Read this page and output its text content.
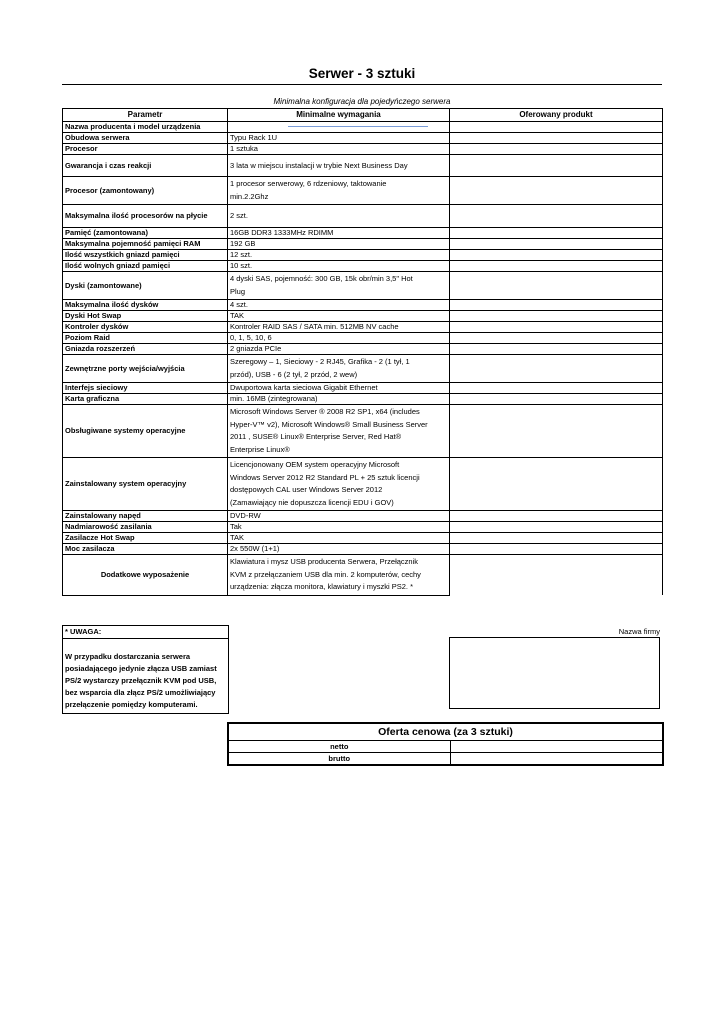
Serwer - 3 sztuki
Minimalna konfiguracja dla pojedyńczego serwera
Parametr	Minimalne wymagania	Oferowany produkt
Nazwa producenta i model urządzenia		
Obudowa serwera	Typu Rack 1U	
Procesor	1 sztuka	
Gwarancja i czas reakcji	3 lata w miejscu instalacji w trybie Next Business Day	
Procesor (zamontowany)	1 procesor serwerowy, 6 rdzeniowy, taktowanie
min.2.2Ghz	

Maksymalna ilość procesorów na płycie	2 szt.	
Pamięć (zamontowana)	16GB DDR3 1333MHz RDIMM	
Maksymalna pojemność pamięci RAM	192 GB	
Ilość wszystkich gniazd pamięci	12 szt.	
Ilość wolnych gniazd pamięci	10 szt.	
Dyski (zamontowane)	4 dyski SAS, pojemność: 300 GB, 15k obr/min 3,5" Hot
Plug	

Maksymalna ilość dysków	4 szt.	
Dyski Hot Swap	TAK	
Kontroler dysków	Kontroler RAID SAS / SATA min. 512MB NV cache	
Poziom Raid	0, 1, 5, 10, 6	
Gniazda rozszerzeń	2 gniazda PCIe	
Zewnętrzne porty wejścia/wyjścia	Szeregowy – 1, Sieciowy - 2 RJ45, Grafika - 2 (1 tył, 1
przód), USB - 6 (2 tył, 2 przód, 2 wew)	

Interfejs sieciowy	Dwuportowa karta sieciowa Gigabit Ethernet	
Karta graficzna	min. 16MB (zintegrowana)	
Obsługiwane systemy operacyjne	Microsoft Windows Server ® 2008 R2 SP1, x64 (includes
Hyper-V™ v2), Microsoft Windows® Small Business Server
2011 , SUSE® Linux® Enterprise Server, Red Hat®
Enterprise Linux®	

Zainstalowany system operacyjny	Licencjonowany OEM system operacyjny Microsoft
Windows Server 2012 R2 Standard PL + 25 sztuk licencji
dostępowych CAL user Windows Server 2012
(Zamawiający nie dopuszcza licencji EDU i GOV)	

Zainstalowany napęd	DVD-RW	
Nadmiarowość zasilania	Tak	
Zasilacze Hot Swap	TAK	
Moc zasilacza	2x 550W (1+1)	
Dodatkowe wyposażenie	Klawiatura i mysz USB producenta Serwera, Przełącznik
KVM z przełączaniem USB dla min. 2 komputerów, cechy
urządzenia: złącza monitora, klawiatury i myszki PS2. *	

* UWAGA:
W przypadku dostarczania serwera posiadającego jedynie złącza USB zamiast PS/2 wystarczy przełącznik KVM pod USB, bez wsparcia dla złącz PS/2 umożliwiający przełączenie pomiędzy komputerami.
Nazwa firmy
Oferta cenowa (za 3 sztuki)	
netto	
brutto	
